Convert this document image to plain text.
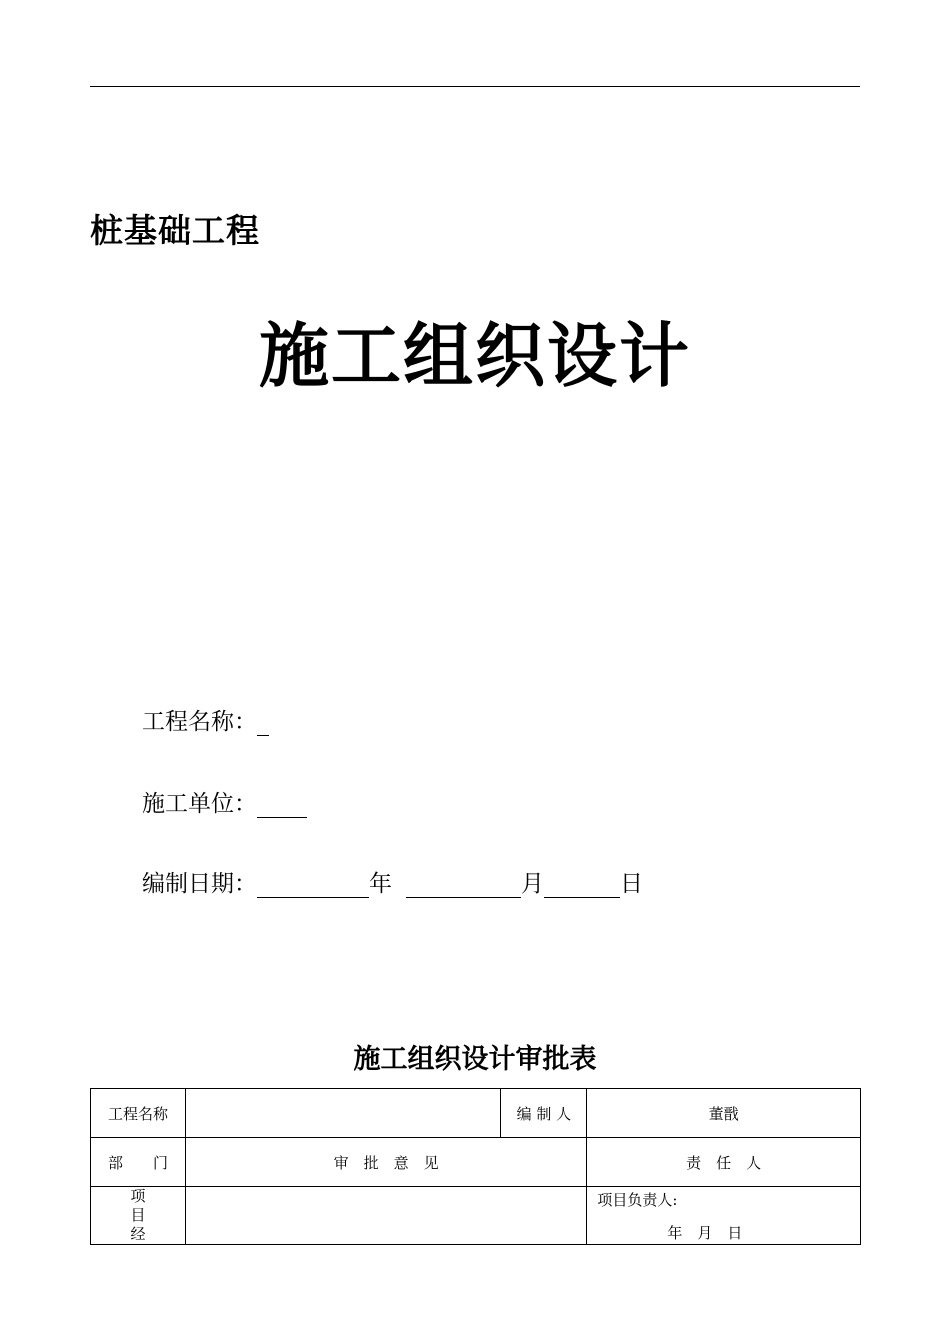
桩基础工程
施工组织设计
工程名称：
施工单位：
编制日期：	年	月	日
施工组织设计审批表
工程名称		编 制 人	董戬
部　　门	审　批　意　见		责　任　人
项
目
经			项目负责人:
年　月　日
